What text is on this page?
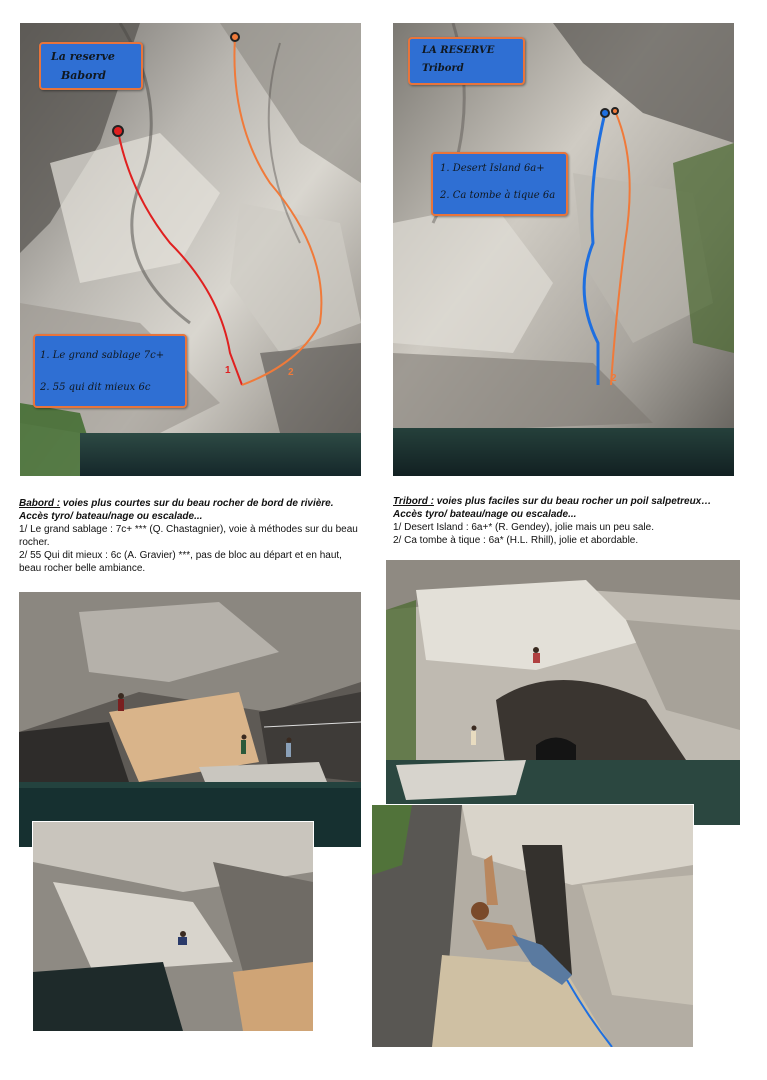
1	2
La reserve
Babord
1. Le grand sablage 7c+
2. 55 qui dit mieux 6c
2
LA RESERVE
Tribord
1. Desert Island 6a+
2. Ca tombe à tique 6a

Babord : voies plus courtes sur du beau rocher de bord de rivière.

Accès tyro/ bateau/nage ou escalade...

1/ Le grand sablage : 7c+ *** (Q. Chastagnier), voie à méthodes sur du beau rocher.

2/ 55 Qui dit mieux : 6c (A. Gravier) ***, pas de bloc au départ et en haut, beau rocher belle ambiance.

Tribord : voies plus faciles sur du beau rocher un poil salpetreux…

Accès tyro/ bateau/nage ou escalade...

1/ Desert Island : 6a+* (R. Gendey), jolie mais un peu sale.

2/ Ca tombe à tique : 6a* (H.L. Rhill), jolie et abordable.
